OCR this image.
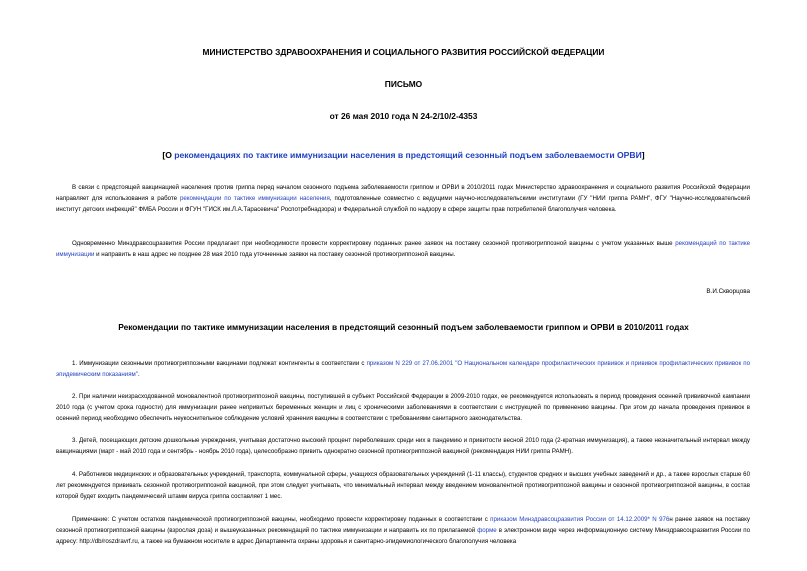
МИНИСТЕРСТВО ЗДРАВООХРАНЕНИЯ И СОЦИАЛЬНОГО РАЗВИТИЯ РОССИЙСКОЙ ФЕДЕРАЦИИ
ПИСЬМО
от 26 мая 2010 года N 24-2/10/2-4353
[О рекомендациях по тактике иммунизации населения в предстоящий сезонный подъем заболеваемости ОРВИ]

В связи с предстоящей вакцинацией населения против гриппа перед началом сезонного подъема заболеваемости гриппом и ОРВИ в 2010/2011 годах Министерство здравоохранения и социального развития Российской Федерации направляет для использования в работе рекомендации по тактике иммунизации населения, подготовленные совместно с ведущими научно-исследовательскими институтами (ГУ "НИИ гриппа РАМН", ФГУ "Научно-исследовательский институт детских инфекций" ФМБА России и ФГУН "ГИСК им.Л.А.Тарасевича" Роспотребнадзора) и Федеральной службой по надзору в сфере защиты прав потребителей благополучия человека.

Одновременно Минздравсоцразвития России предлагает при необходимости провести корректировку поданных ранее заявок на поставку сезонной противогриппозной вакцины с учетом указанных выше рекомендаций по тактике иммунизации и направить в наш адрес не позднее 28 мая 2010 года уточненные заявки на поставку сезонной противогриппозной вакцины.

В.И.Скворцова
Рекомендации по тактике иммунизации населения в предстоящий сезонный подъем заболеваемости гриппом и ОРВИ в 2010/2011 годах

1. Иммунизации сезонными противогриппозными вакцинами подлежат контингенты в соответствии с приказом N 229 от 27.06.2001 "О Национальном календаре профилактических прививок и прививок профилактических прививок по эпидемическим показаниям".

2. При наличии неизрасходованной моновалентной противогриппозной вакцины, поступившей в субъект Российской Федерации в 2009-2010 годах, ее рекомендуется использовать в период проведения осенней прививочной кампании 2010 года (с учетом срока годности) для иммунизации ранее непривитых беременных женщин и лиц с хроническими заболеваниями в соответствии с инструкцией по применению вакцины. При этом до начала проведения прививок в осенний период необходимо обеспечить неукоснительное соблюдение условий хранения вакцины в соответствии с требованиями санитарного законодательства.

3. Детей, посещающих детские дошкольные учреждения, учитывая достаточно высокий процент переболевших среди них в пандемию и привитости весной 2010 года (2-кратная иммунизация), а также незначительный интервал между вакцинациями (март - май 2010 года и сентябрь - ноябрь 2010 года), целесообразно привить однократно сезонной противогриппозной вакциной (рекомендация НИИ гриппа РАМН).

4. Работников медицинских и образовательных учреждений, транспорта, коммунальной сферы, учащихся образовательных учреждений (1-11 классы), студентов средних и высших учебных заведений и др., а также взрослых старше 60 лет рекомендуется прививать сезонной противогриппозной вакциной, при этом следует учитывать, что минимальный интервал между введением моновалентной противогриппозной вакцины и сезонной противогриппозной вакцины, в состав которой будет входить пандемический штамм вируса гриппа составляет 1 мес.

Примечание: С учетом остатков пандемической противогриппозной вакцины, необходимо провести корректировку поданных в соответствии с приказом Минздравсоцразвития России от 14.12.2009* N 976н ранее заявок на поставку сезонной противогриппозной вакцины (взрослая доза) и вышеуказанных рекомендаций по тактике иммунизации и направить их по прилагаемой форме в электронном виде через информационную систему Минздравсоцразвития России по адресу: http://db/roszdravrf.ru, а также на бумажном носителе в адрес Департамента охраны здоровья и санитарно-эпидемиологического благополучия человека
